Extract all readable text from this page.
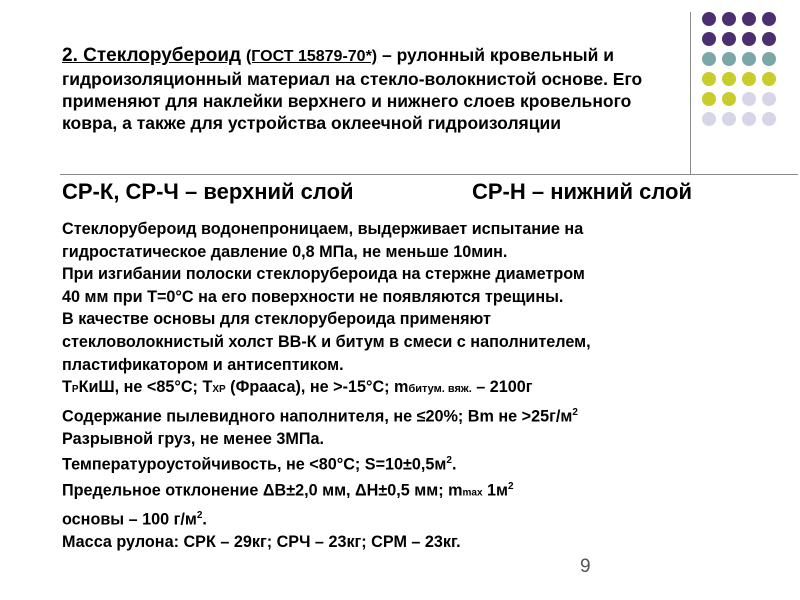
2. Стеклорубероид (ГОСТ 15879-70*) – рулонный кровельный и гидроизоляционный материал на стекло-волокнистой основе. Его применяют для наклейки верхнего и нижнего слоев кровельного ковра, а также для устройства оклеечной гидроизоляции
СР-К, СР-Ч – верхний слой	СР-Н – нижний слой
Стеклорубероид водонепроницаем, выдерживает испытание на
гидростатическое давление 0,8 МПа, не меньше 10мин.
При изгибании полоски стеклорубероида на стержне диаметром
40 мм при Т=0°С на его поверхности не появляются трещины.
В качестве основы для стеклорубероида применяют
стекловолокнистый холст ВВ-К и битум в смеси с наполнителем,
пластификатором и антисептиком.
ТРКиШ, не <85°С; ТХР (Фрааса), не >-15°С; mбитум. вяж. – 2100г
Содержание пылевидного наполнителя, не ≤20%; Вm не $>25г/м^2$
Разрывной груз, не менее 3МПа.
Температуроустойчивость, не <80°С; $S=10\pm 0,5м^2$.
Предельное отклонение ΔВ±2,0 мм, ΔН±0,5 мм; mmax $1м^2$
основы – 100 $г/м^2$.
Масса рулона: СРК – 29кг; СРЧ – 23кг; СРМ – 23кг.
9
